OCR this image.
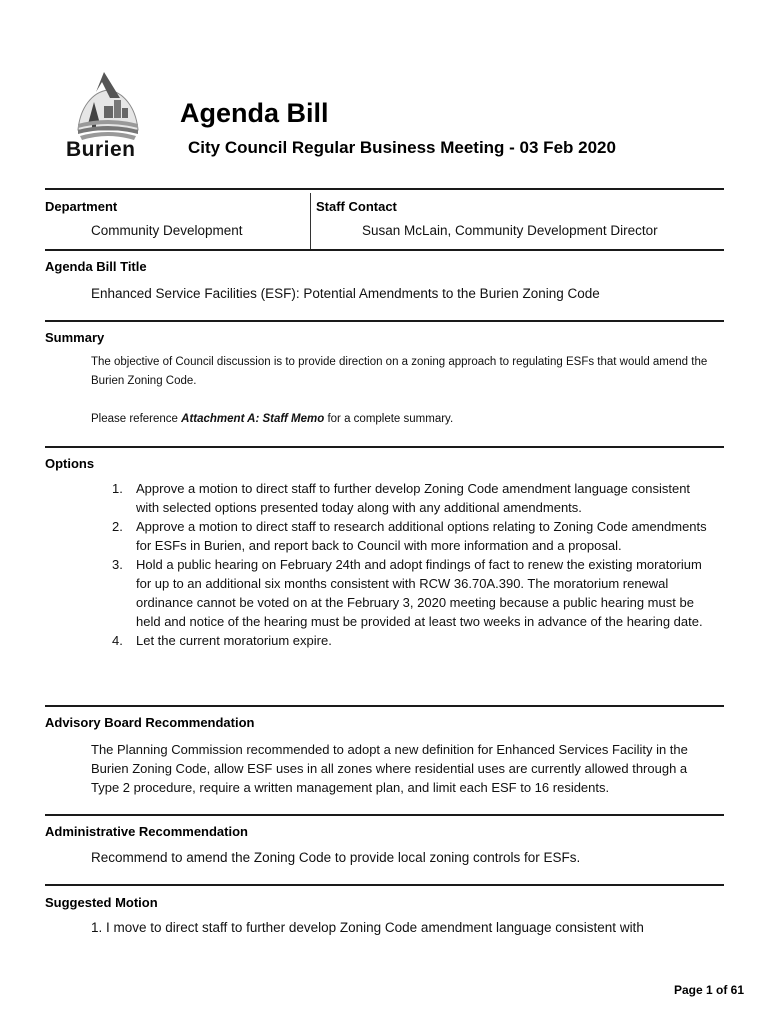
Burien
Agenda Bill
City Council Regular Business Meeting - 03 Feb 2020
Department
Community Development
Staff Contact
Susan McLain, Community Development Director
Agenda Bill Title
Enhanced Service Facilities (ESF): Potential Amendments to the Burien Zoning Code
Summary
The objective of Council discussion is to provide direction on a zoning approach to regulating ESFs that would amend the Burien Zoning Code.
Please reference Attachment A: Staff Memo for a complete summary.
Options
1. Approve a motion to direct staff to further develop Zoning Code amendment language consistent with selected options presented today along with any additional amendments.
2. Approve a motion to direct staff to research additional options relating to Zoning Code amendments for ESFs in Burien, and report back to Council with more information and a proposal.
3. Hold a public hearing on February 24th and adopt findings of fact to renew the existing moratorium for up to an additional six months consistent with RCW 36.70A.390. The moratorium renewal ordinance cannot be voted on at the February 3, 2020 meeting because a public hearing must be held and notice of the hearing must be provided at least two weeks in advance of the hearing date.
4. Let the current moratorium expire.
Advisory Board Recommendation
The Planning Commission recommended to adopt a new definition for Enhanced Services Facility in the Burien Zoning Code, allow ESF uses in all zones where residential uses are currently allowed through a Type 2 procedure, require a written management plan, and limit each ESF to 16 residents.
Administrative Recommendation
Recommend to amend the Zoning Code to provide local zoning controls for ESFs.
Suggested Motion
1. I move to direct staff to further develop Zoning Code amendment language consistent with
Page 1 of 61
